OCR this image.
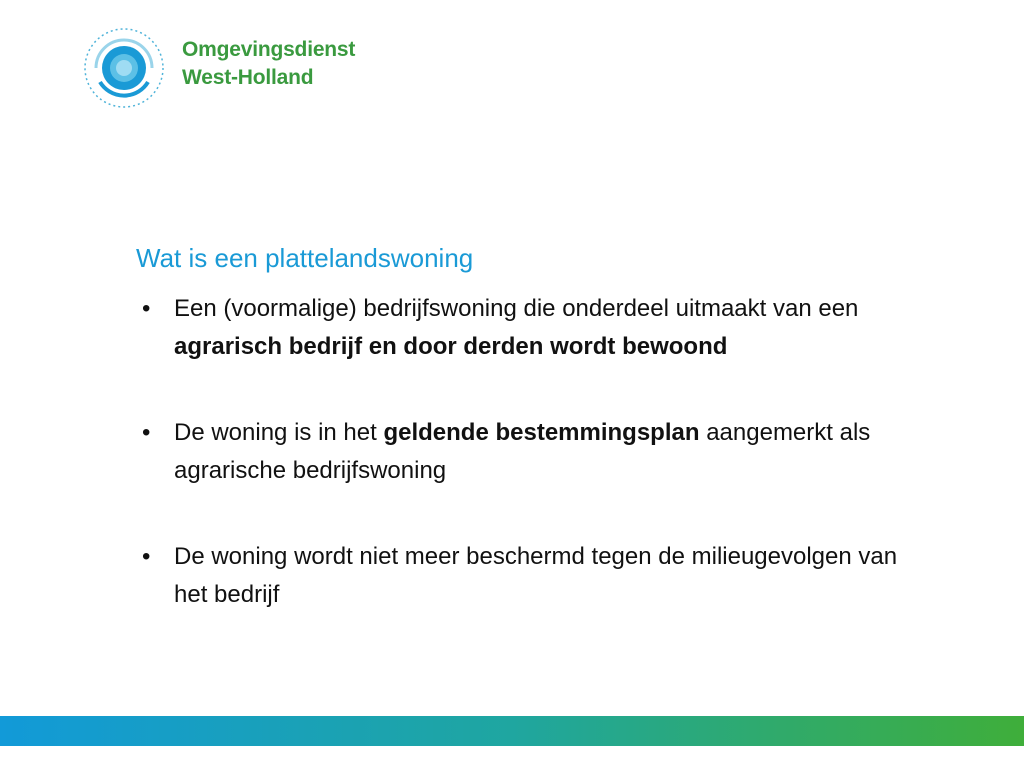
Omgevingsdienst
West-Holland
Wat is een plattelandswoning
• Een (voormalige) bedrijfswoning die onderdeel uitmaakt van een agrarisch bedrijf en door derden wordt bewoond
• De woning is in het geldende bestemmingsplan aangemerkt als agrarische bedrijfswoning
• De woning wordt niet meer beschermd tegen de milieugevolgen van het bedrijf
